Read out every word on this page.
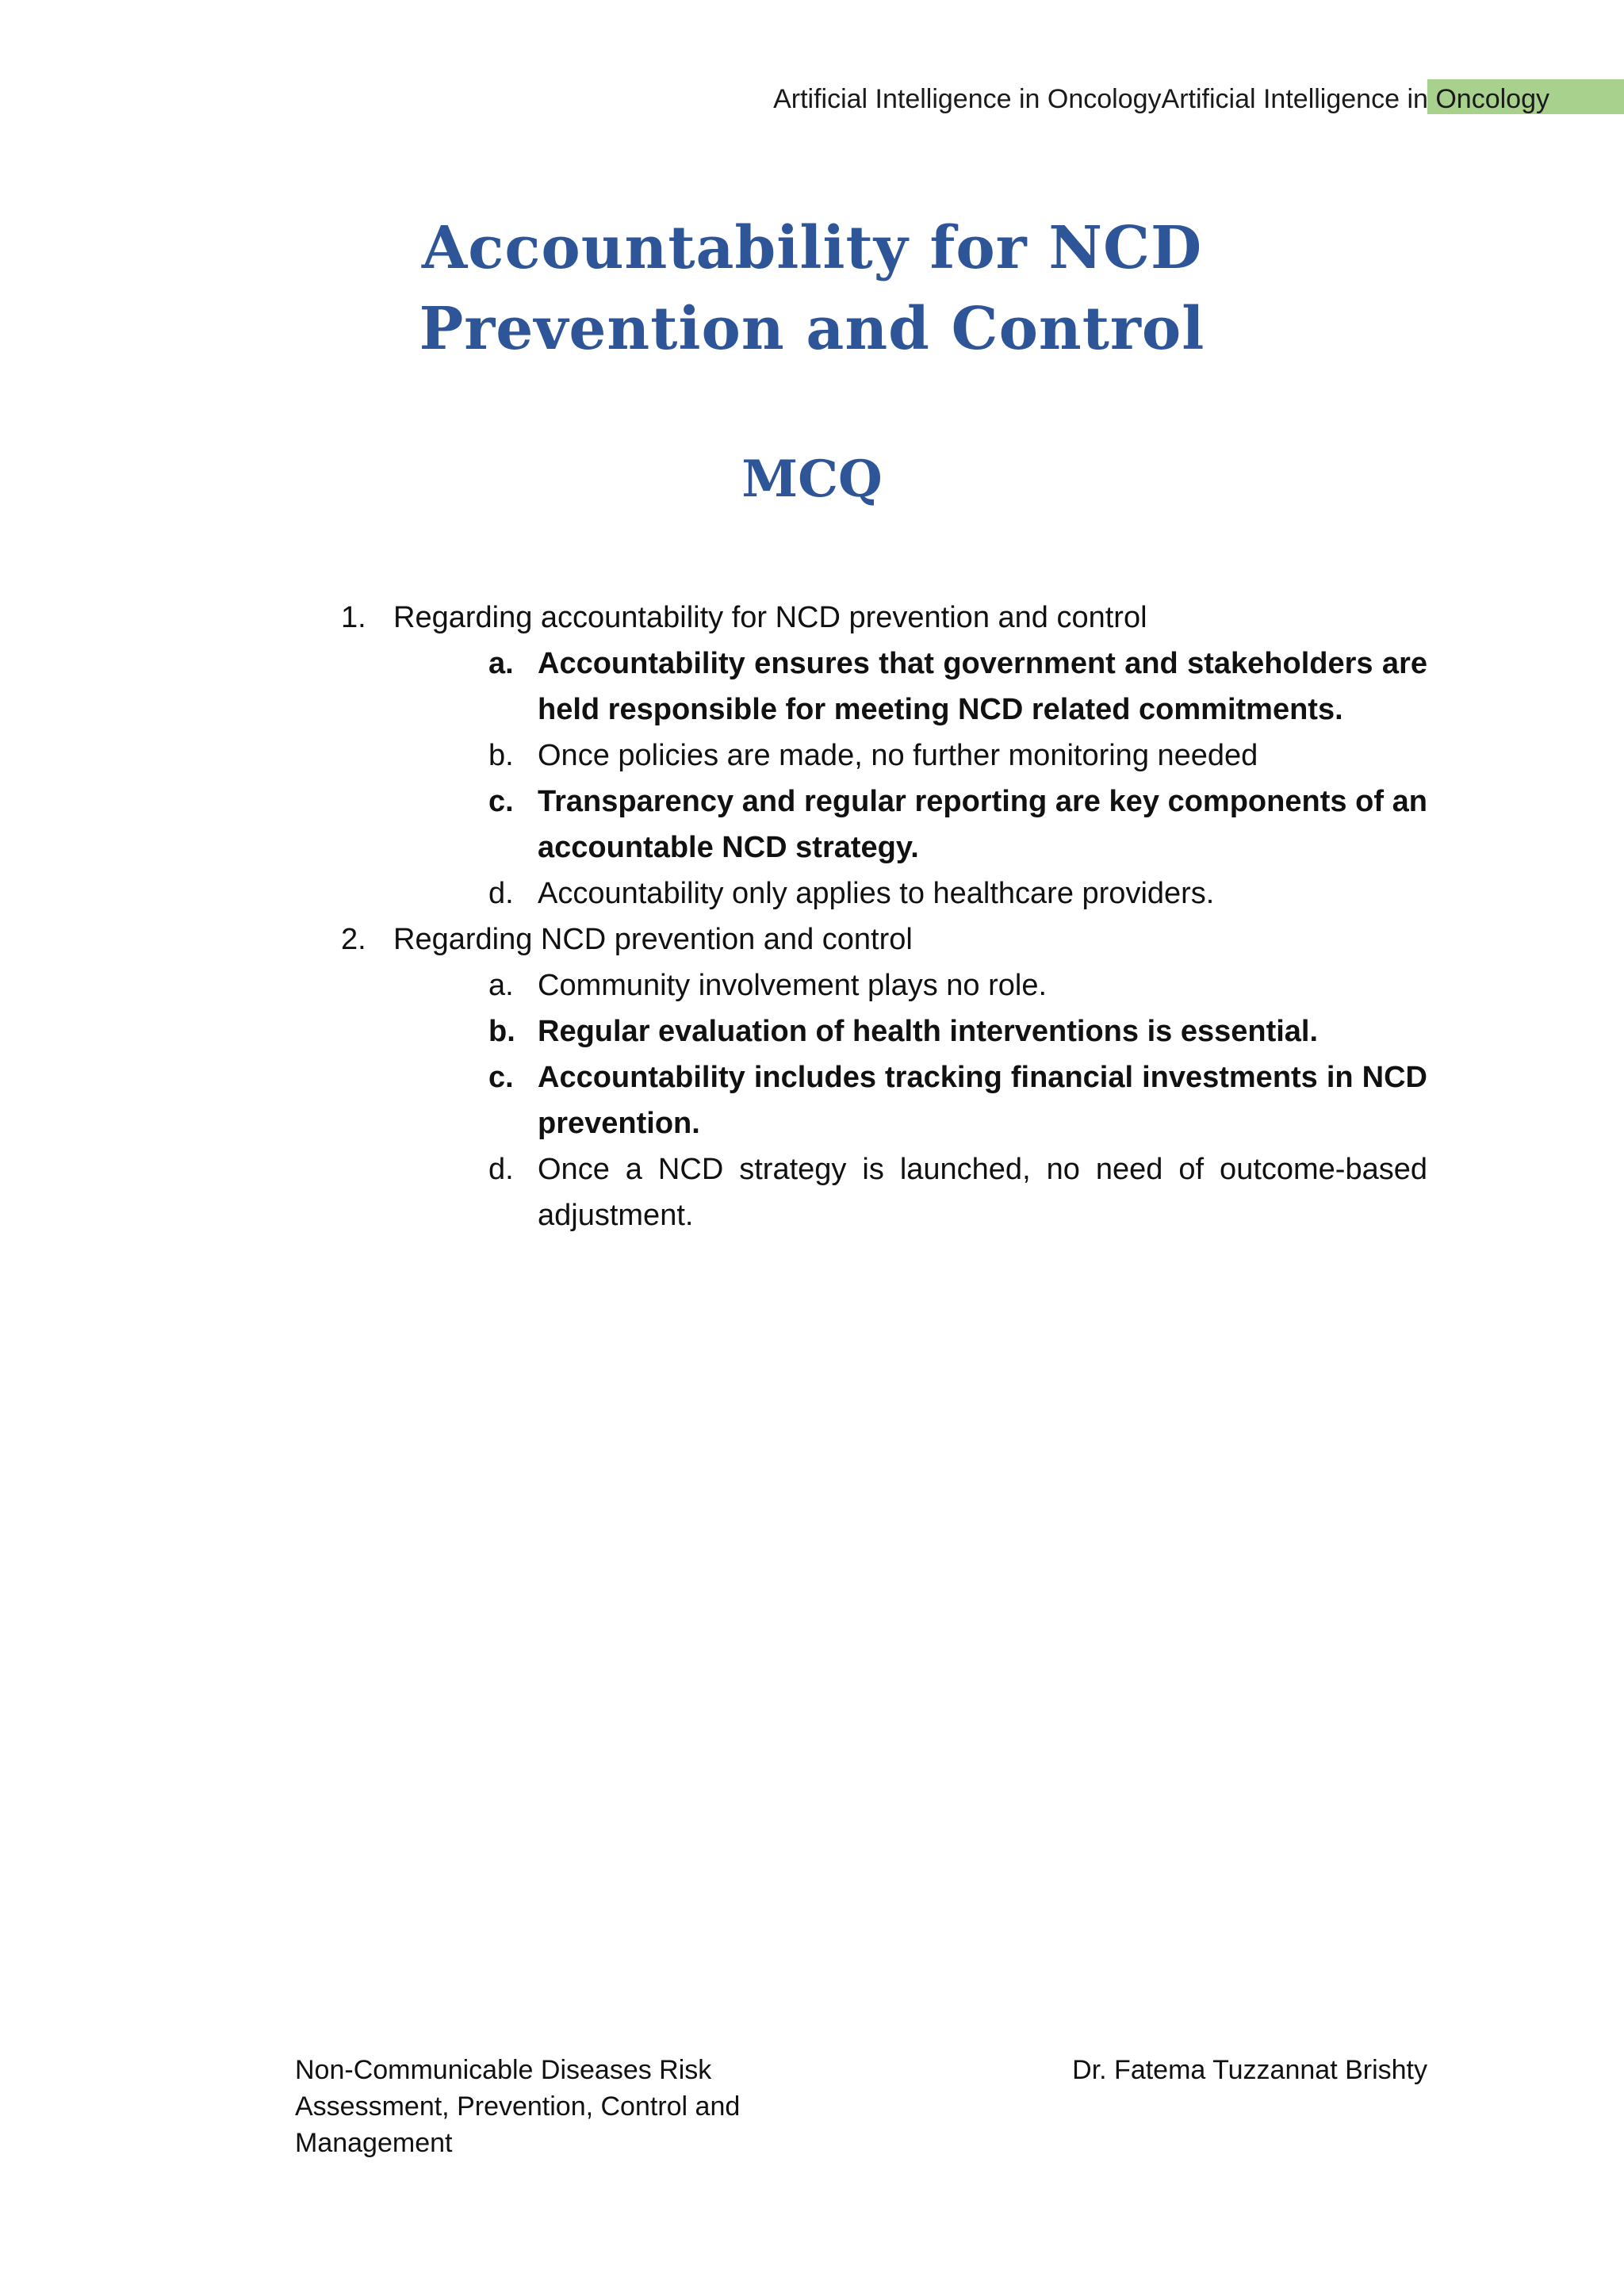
Artificial Intelligence in OncologyArtificial Intelligence in Oncology
Accountability for NCD
Prevention and Control
MCQ
1. Regarding accountability for NCD prevention and control
a. Accountability ensures that government and stakeholders are held responsible for meeting NCD related commitments.
b. Once policies are made, no further monitoring needed
c. Transparency and regular reporting are key components of an accountable NCD strategy.
d. Accountability only applies to healthcare providers.
2. Regarding NCD prevention and control
a. Community involvement plays no role.
b. Regular evaluation of health interventions is essential.
c. Accountability includes tracking financial investments in NCD prevention.
d. Once a NCD strategy is launched, no need of outcome-based adjustment.
Non-Communicable Diseases Risk Assessment, Prevention, Control and Management
Dr. Fatema Tuzzannat Brishty
